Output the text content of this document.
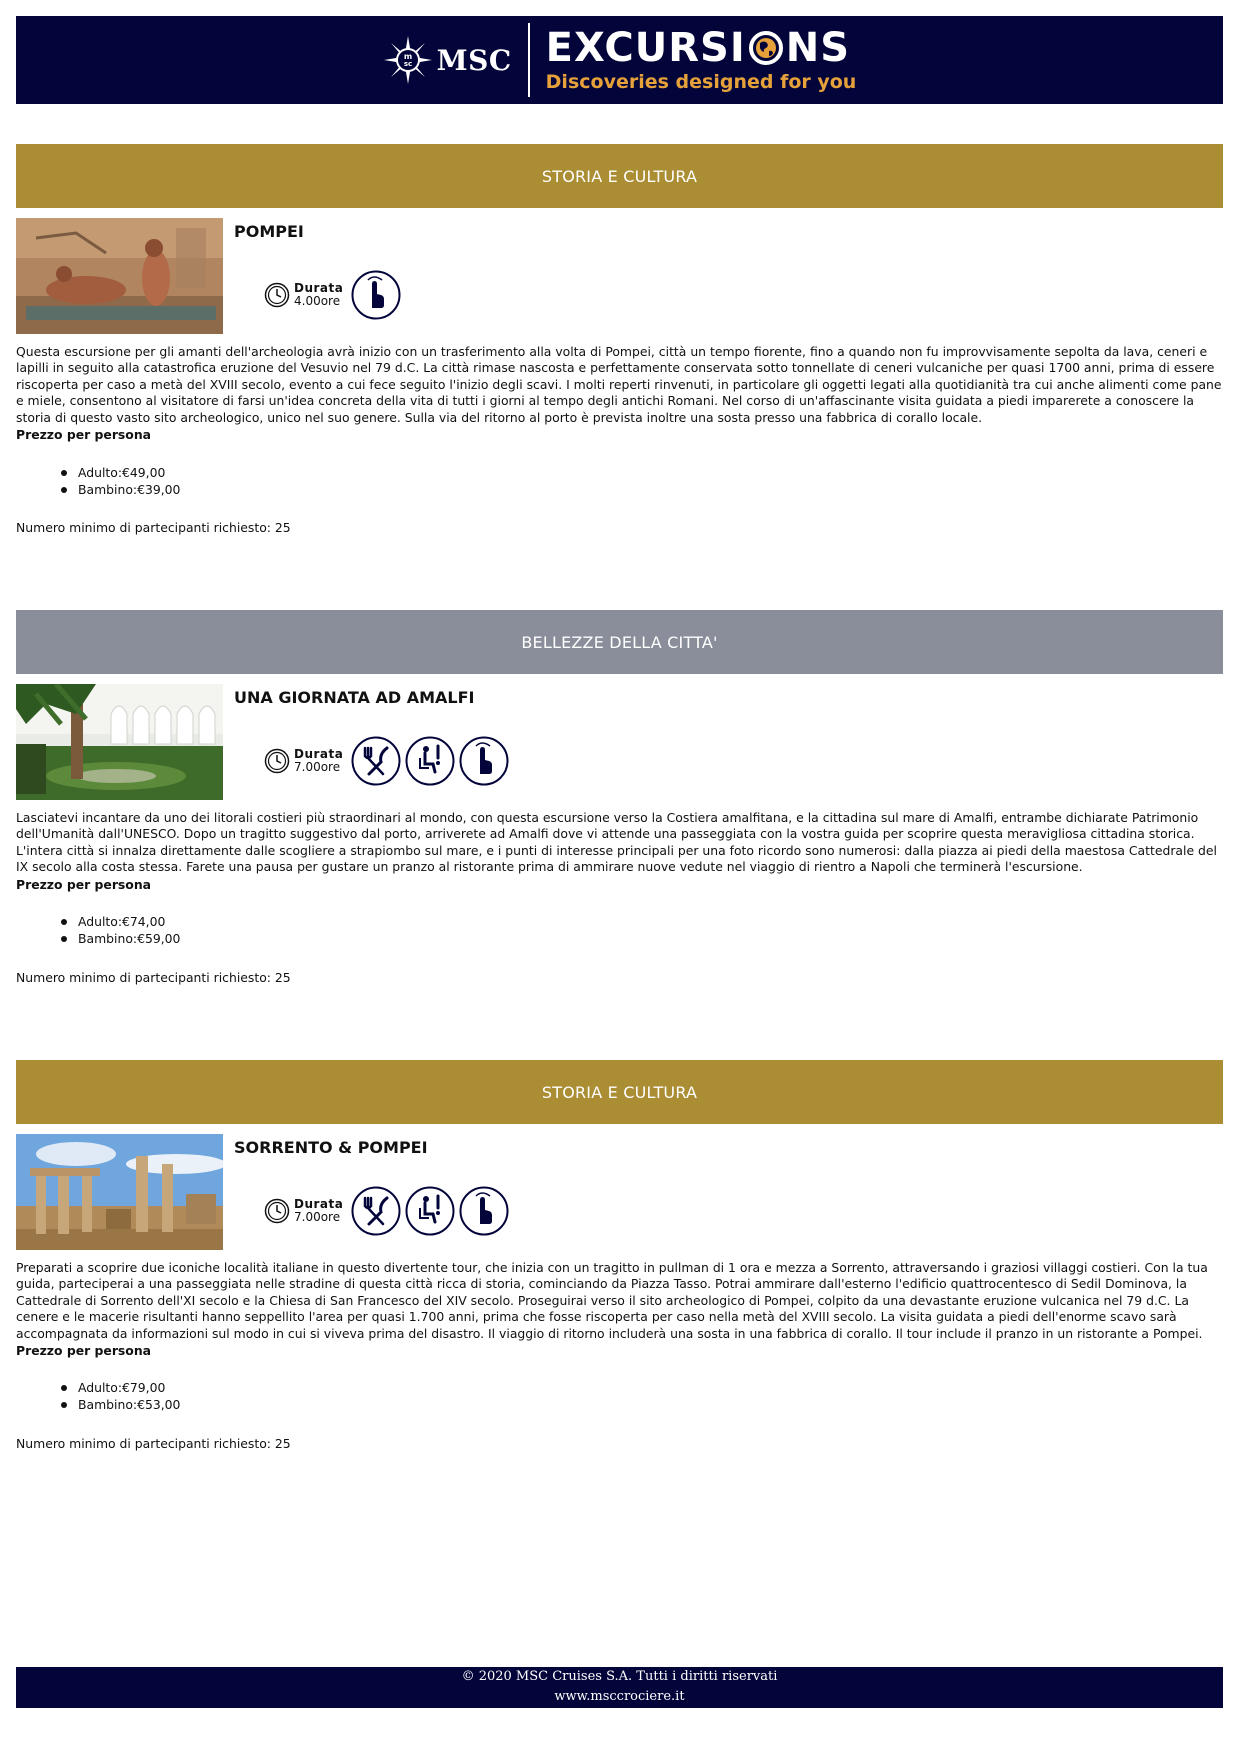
m
sc MSC EXCURSI NS
Discoveries designed for you
STORIA E CULTURA
POMPEI
Durata
4.00ore
Questa escursione per gli amanti dell'archeologia avrà inizio con un trasferimento alla volta di Pompei, città un tempo fiorente, fino a quando non fu improvvisamente sepolta da lava, ceneri e lapilli in seguito alla catastrofica eruzione del Vesuvio nel 79 d.C. La città rimase nascosta e perfettamente conservata sotto tonnellate di ceneri vulcaniche per quasi 1700 anni, prima di essere riscoperta per caso a metà del XVIII secolo, evento a cui fece seguito l'inizio degli scavi. I molti reperti rinvenuti, in particolare gli oggetti legati alla quotidianità tra cui anche alimenti come pane e miele, consentono al visitatore di farsi un'idea concreta della vita di tutti i giorni al tempo degli antichi Romani. Nel corso di un'affascinante visita guidata a piedi imparerete a conoscere la storia di questo vasto sito archeologico, unico nel suo genere. Sulla via del ritorno al porto è prevista inoltre una sosta presso una fabbrica di corallo locale.
Prezzo per persona
Adulto:€49,00
Bambino:€39,00
Numero minimo di partecipanti richiesto: 25
BELLEZZE DELLA CITTA'
UNA GIORNATA AD AMALFI
Durata
7.00ore
Lasciatevi incantare da uno dei litorali costieri più straordinari al mondo, con questa escursione verso la Costiera amalfitana, e la cittadina sul mare di Amalfi, entrambe dichiarate Patrimonio dell'Umanità dall'UNESCO. Dopo un tragitto suggestivo dal porto, arriverete ad Amalfi dove vi attende una passeggiata con la vostra guida per scoprire questa meravigliosa cittadina storica. L'intera città si innalza direttamente dalle scogliere a strapiombo sul mare, e i punti di interesse principali per una foto ricordo sono numerosi: dalla piazza ai piedi della maestosa Cattedrale del IX secolo alla costa stessa. Farete una pausa per gustare un pranzo al ristorante prima di ammirare nuove vedute nel viaggio di rientro a Napoli che terminerà l'escursione.
Prezzo per persona
Adulto:€74,00
Bambino:€59,00
Numero minimo di partecipanti richiesto: 25
STORIA E CULTURA
SORRENTO & POMPEI
Durata
7.00ore
Preparati a scoprire due iconiche località italiane in questo divertente tour, che inizia con un tragitto in pullman di 1 ora e mezza a Sorrento, attraversando i graziosi villaggi costieri. Con la tua guida, parteciperai a una passeggiata nelle stradine di questa città ricca di storia, cominciando da Piazza Tasso. Potrai ammirare dall'esterno l'edificio quattrocentesco di Sedil Dominova, la Cattedrale di Sorrento dell'XI secolo e la Chiesa di San Francesco del XIV secolo. Proseguirai verso il sito archeologico di Pompei, colpito da una devastante eruzione vulcanica nel 79 d.C. La cenere e le macerie risultanti hanno seppellito l'area per quasi 1.700 anni, prima che fosse riscoperta per caso nella metà del XVIII secolo. La visita guidata a piedi dell'enorme scavo sarà accompagnata da informazioni sul modo in cui si viveva prima del disastro. Il viaggio di ritorno includerà una sosta in una fabbrica di corallo. Il tour include il pranzo in un ristorante a Pompei.
Prezzo per persona
Adulto:€79,00
Bambino:€53,00
Numero minimo di partecipanti richiesto: 25
© 2020 MSC Cruises S.A. Tutti i diritti riservati
www.msccrociere.it
